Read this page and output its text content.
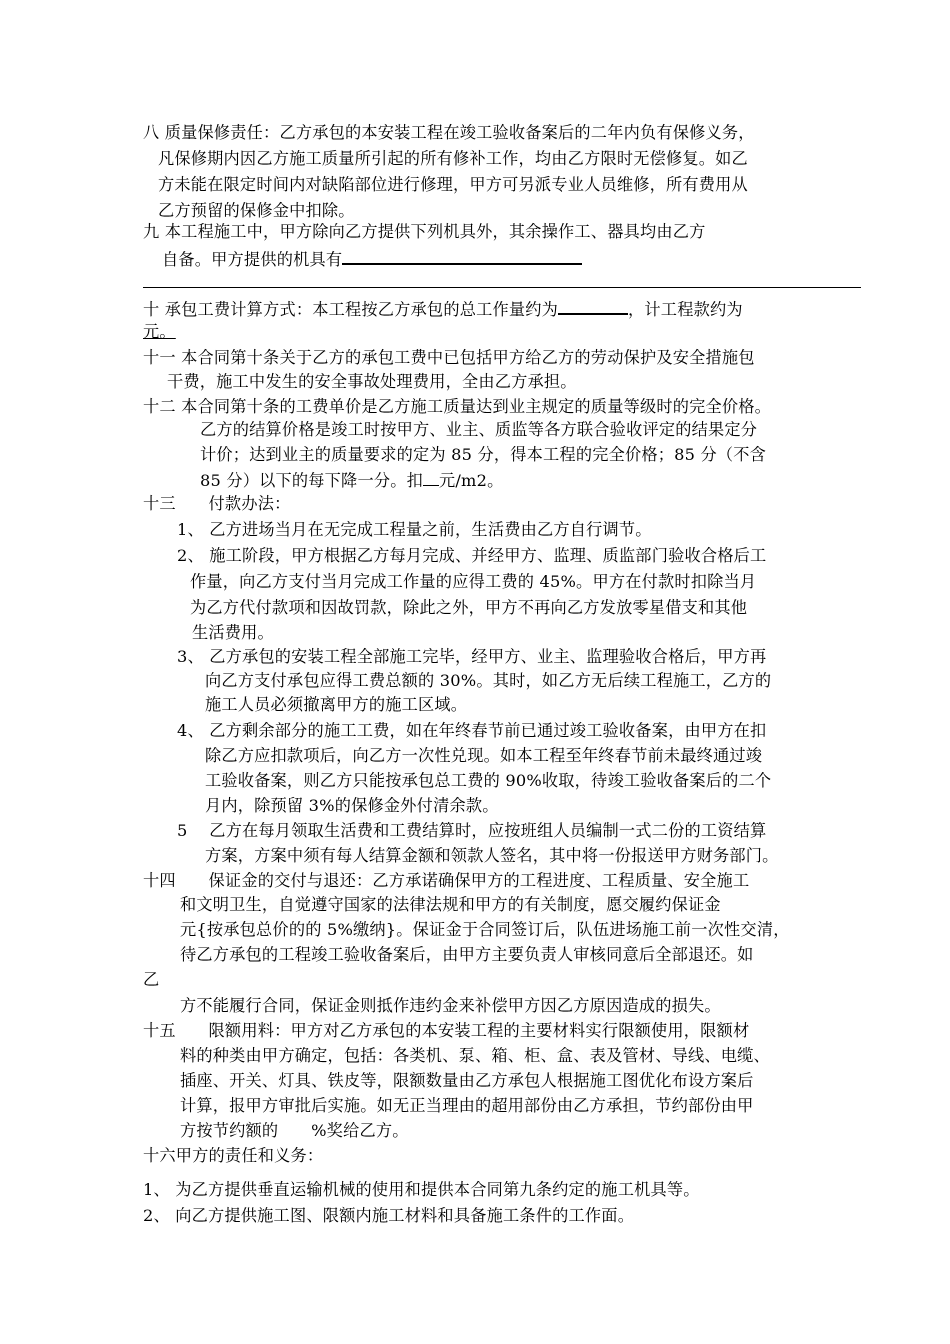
八 质量保修责任：乙方承包的本安装工程在竣工验收备案后的二年内负有保修义务，
凡保修期内因乙方施工质量所引起的所有修补工作，均由乙方限时无偿修复。如乙
方未能在限定时间内对缺陷部位进行修理，甲方可另派专业人员维修，所有费用从
乙方预留的保修金中扣除。
九 本工程施工中，甲方除向乙方提供下列机具外，其余操作工、器具均由乙方
自备。甲方提供的机具有
十 承包工费计算方式：本工程按乙方承包的总工作量约为	，计工程款约为
元。
十一 本合同第十条关于乙方的承包工费中已包括甲方给乙方的劳动保护及安全措施包
干费，施工中发生的安全事故处理费用，全由乙方承担。
十二 本合同第十条的工费单价是乙方施工质量达到业主规定的质量等级时的完全价格。
乙方的结算价格是竣工时按甲方、业主、质监等各方联合验收评定的结果定分
计价；达到业主的质量要求的定为 85 分，得本工程的完全价格；85 分（不含
85 分）以下的每下降一分。扣 元/m2。
十三　　付款办法：
1、 乙方进场当月在无完成工程量之前，生活费由乙方自行调节。
2、 施工阶段，甲方根据乙方每月完成、并经甲方、监理、质监部门验收合格后工
作量，向乙方支付当月完成工作量的应得工费的 45%。甲方在付款时扣除当月
为乙方代付款项和因故罚款，除此之外，甲方不再向乙方发放零星借支和其他
生活费用。
3、 乙方承包的安装工程全部施工完毕，经甲方、业主、监理验收合格后，甲方再
向乙方支付承包应得工费总额的 30%。其时，如乙方无后续工程施工，乙方的
施工人员必须撤离甲方的施工区域。
4、 乙方剩余部分的施工工费，如在年终春节前已通过竣工验收备案，由甲方在扣
除乙方应扣款项后，向乙方一次性兑现。如本工程至年终春节前未最终通过竣
工验收备案，则乙方只能按承包总工费的 90%收取，待竣工验收备案后的二个
月内，除预留 3%的保修金外付清余款。
5　 乙方在每月领取生活费和工费结算时，应按班组人员编制一式二份的工资结算
方案，方案中须有每人结算金额和领款人签名，其中将一份报送甲方财务部门。
十四　　保证金的交付与退还：乙方承诺确保甲方的工程进度、工程质量、安全施工
和文明卫生，自觉遵守国家的法律法规和甲方的有关制度，愿交履约保证金
元{按承包总价的的 5%缴纳}。保证金于合同签订后，队伍进场施工前一次性交清，
待乙方承包的工程竣工验收备案后，由甲方主要负责人审核同意后全部退还。如
乙
方不能履行合同，保证金则抵作违约金来补偿甲方因乙方原因造成的损失。
十五　　限额用料：甲方对乙方承包的本安装工程的主要材料实行限额使用，限额材
料的种类由甲方确定，包括：各类机、泵、箱、柜、盒、表及管材、导线、电缆、
插座、开关、灯具、铁皮等，限额数量由乙方承包人根据施工图优化布设方案后
计算，报甲方审批后实施。如无正当理由的超用部份由乙方承担，节约部份由甲
方按节约额的　　%奖给乙方。
十六甲方的责任和义务：
1、 为乙方提供垂直运输机械的使用和提供本合同第九条约定的施工机具等。
2、 向乙方提供施工图、限额内施工材料和具备施工条件的工作面。
